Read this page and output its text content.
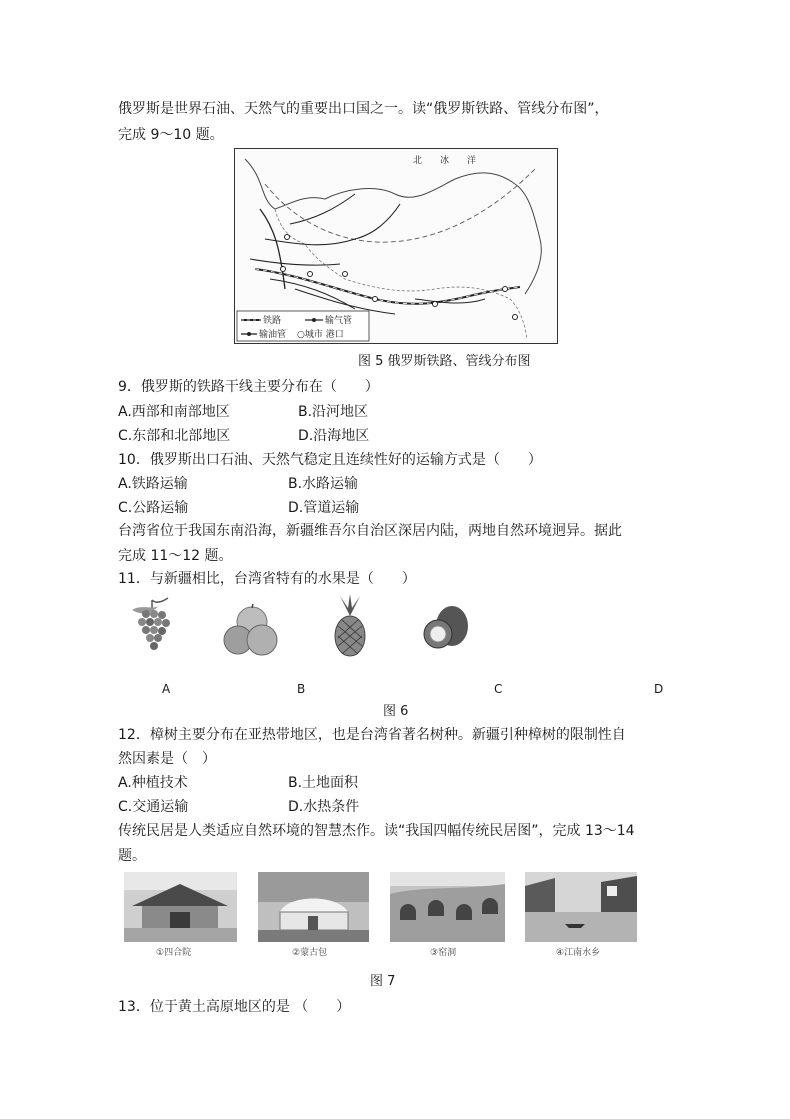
俄罗斯是世界石油、天然气的重要出口国之一。读“俄罗斯铁路、管线分布图”，
完成 9～10 题。
北　　冰　　洋
铁路	输气管
输油管 ○城市 港口
图 5 俄罗斯铁路、管线分布图
9．俄罗斯的铁路干线主要分布在（　　）
A.西部和南部地区	B.沿河地区
C.东部和北部地区	D.沿海地区
10．俄罗斯出口石油、天然气稳定且连续性好的运输方式是（　　）
A.铁路运输	B.水路运输
C.公路运输	D.管道运输
台湾省位于我国东南沿海，新疆维吾尔自治区深居内陆，两地自然环境迥异。据此
完成 11～12 题。
11．与新疆相比，台湾省特有的水果是（　　）
A	B	C	D
图 6
12．樟树主要分布在亚热带地区，也是台湾省著名树种。新疆引种樟树的限制性自
然因素是（　）
A.种植技术	B.土地面积
C.交通运输	D.水热条件
传统民居是人类适应自然环境的智慧杰作。读“我国四幅传统民居图”，完成 13～14
题。
①四合院	②蒙古包	③窑洞	④江南水乡
图 7
13．位于黄土高原地区的是 （　　）
